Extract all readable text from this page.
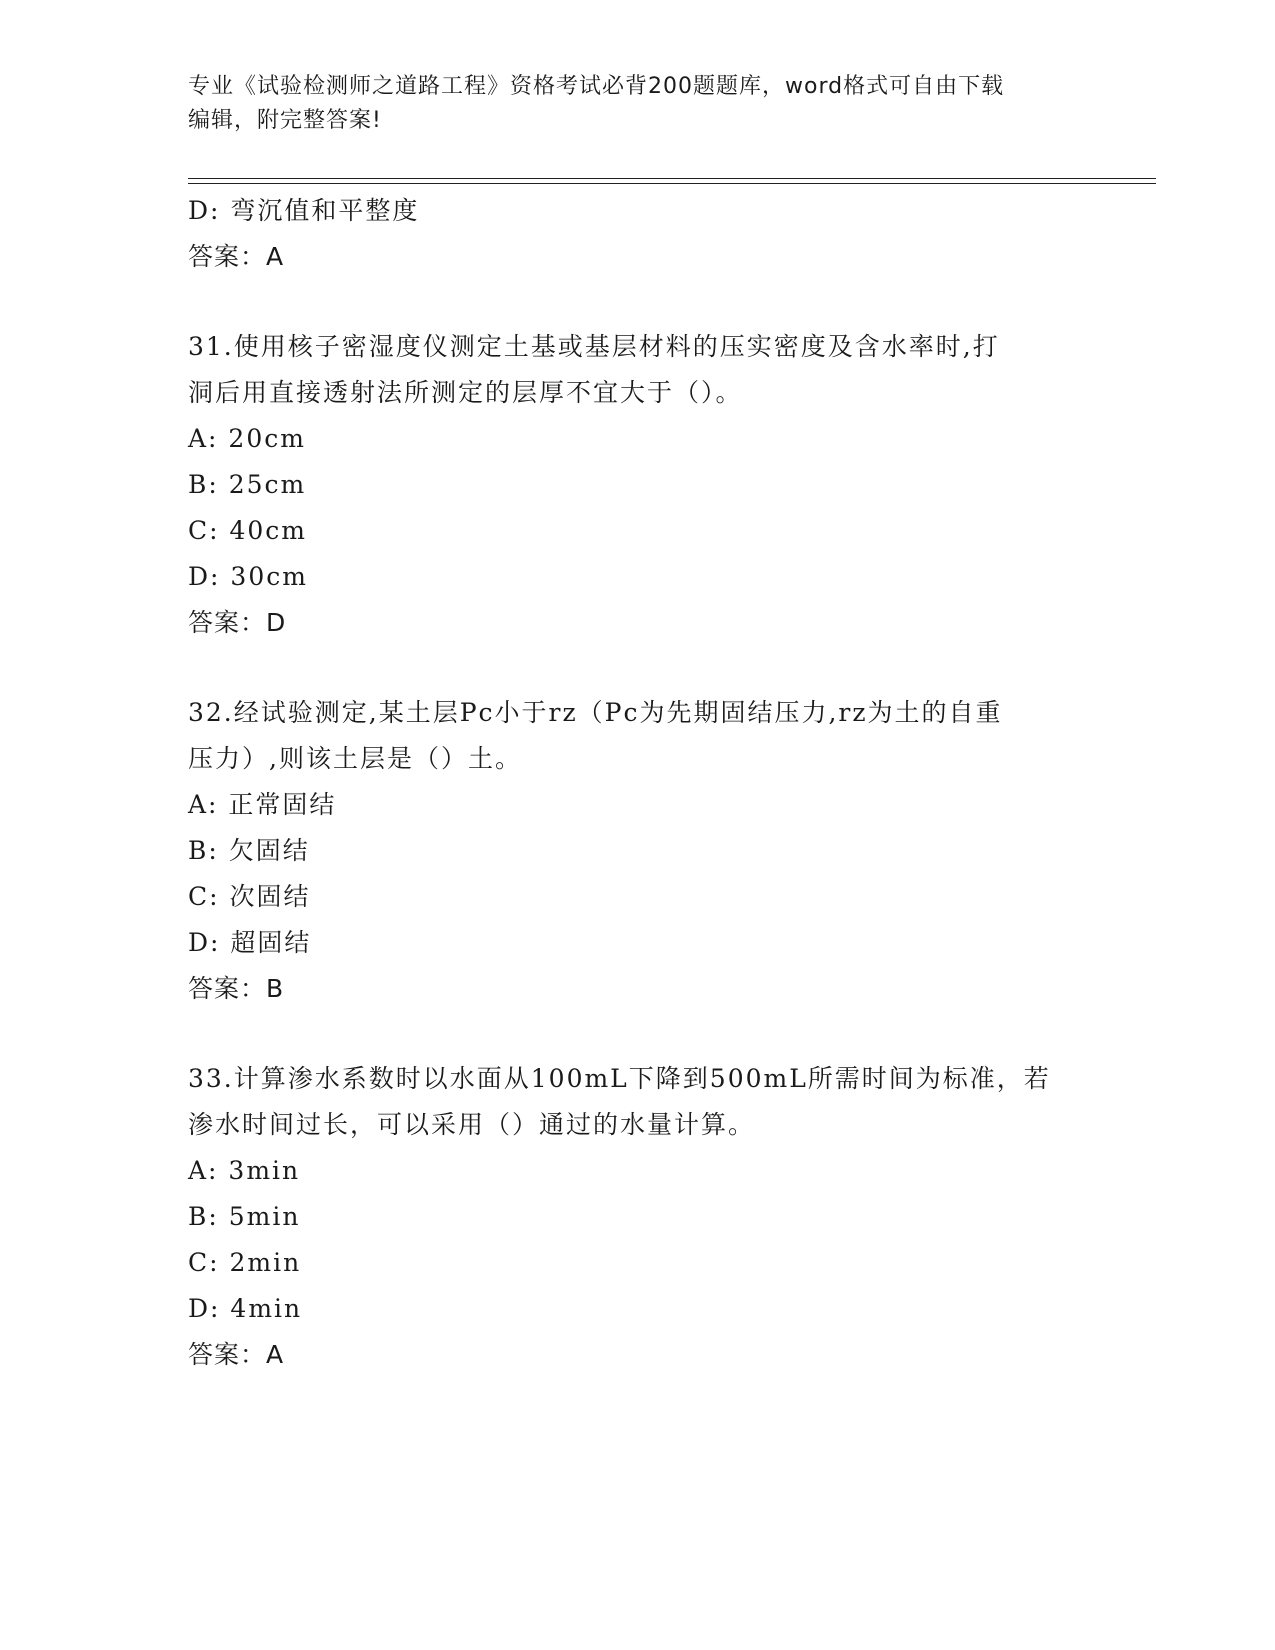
专业《试验检测师之道路工程》资格考试必背200题题库，word格式可自由下载
编辑，附完整答案!
D: 弯沉值和平整度
答案：A
31.使用核子密湿度仪测定土基或基层材料的压实密度及含水率时,打
洞后用直接透射法所测定的层厚不宜大于（）。
A: 20cm
B: 25cm
C: 40cm
D: 30cm
答案：D
32.经试验测定,某土层Pc小于rz（Pc为先期固结压力,rz为土的自重
压力）,则该土层是（）土。
A: 正常固结
B: 欠固结
C: 次固结
D: 超固结
答案：B
33.计算渗水系数时以水面从100mL下降到500mL所需时间为标准，若
渗水时间过长，可以采用（）通过的水量计算。
A: 3min
B: 5min
C: 2min
D: 4min
答案：A
